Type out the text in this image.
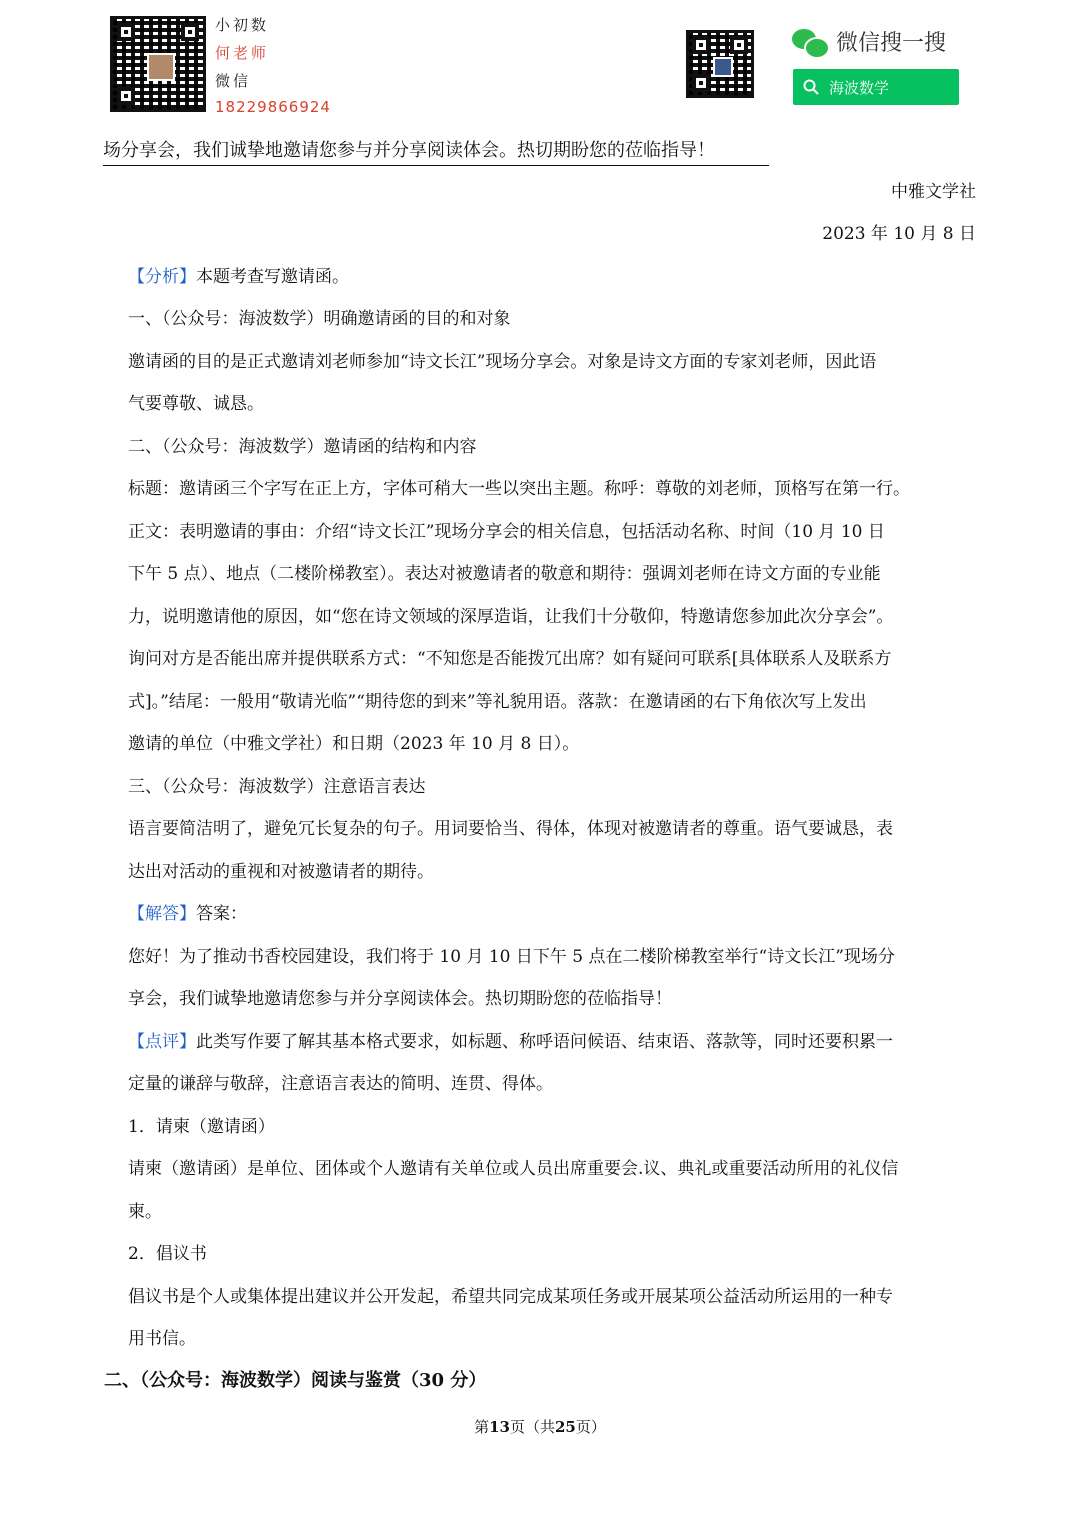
小初数
何老师
微信
18229866924
微信搜一搜
海波数学
场分享会，我们诚挚地邀请您参与并分享阅读体会。热切期盼您的莅临指导！
中雅文学社
2023 年 10 月 8 日
【分析】本题考查写邀请函。
一、（公众号：海波数学）明确邀请函的目的和对象
邀请函的目的是正式邀请刘老师参加“诗文长江”现场分享会。对象是诗文方面的专家刘老师，因此语
气要尊敬、诚恳。
二、（公众号：海波数学）邀请函的结构和内容
标题：邀请函三个字写在正上方，字体可稍大一些以突出主题。称呼：尊敬的刘老师，顶格写在第一行。
正文：表明邀请的事由：介绍“诗文长江”现场分享会的相关信息，包括活动名称、时间（10 月 10 日
下午 5 点）、地点（二楼阶梯教室）。表达对被邀请者的敬意和期待：强调刘老师在诗文方面的专业能
力，说明邀请他的原因，如“您在诗文领域的深厚造诣，让我们十分敬仰，特邀请您参加此次分享会”。
询问对方是否能出席并提供联系方式：“不知您是否能拨冗出席？如有疑问可联系[具体联系人及联系方
式]。”结尾：一般用“敬请光临”“期待您的到来”等礼貌用语。落款：在邀请函的右下角依次写上发出
邀请的单位（中雅文学社）和日期（2023 年 10 月 8 日）。
三、（公众号：海波数学）注意语言表达
语言要简洁明了，避免冗长复杂的句子。用词要恰当、得体，体现对被邀请者的尊重。语气要诚恳，表
达出对活动的重视和对被邀请者的期待。
【解答】答案：
您好！为了推动书香校园建设，我们将于 10 月 10 日下午 5 点在二楼阶梯教室举行“诗文长江”现场分
享会，我们诚挚地邀请您参与并分享阅读体会。热切期盼您的莅临指导！
【点评】此类写作要了解其基本格式要求，如标题、称呼语问候语、结束语、落款等，同时还要积累一
定量的谦辞与敬辞，注意语言表达的简明、连贯、得体。
1．请柬（邀请函）
请柬（邀请函）是单位、团体或个人邀请有关单位或人员出席重要会.议、典礼或重要活动所用的礼仪信
柬。
2．倡议书
倡议书是个人或集体提出建议并公开发起，希望共同完成某项任务或开展某项公益活动所运用的一种专
用书信。
二、（公众号：海波数学）阅读与鉴赏（30 分）
第13页（共25页）
